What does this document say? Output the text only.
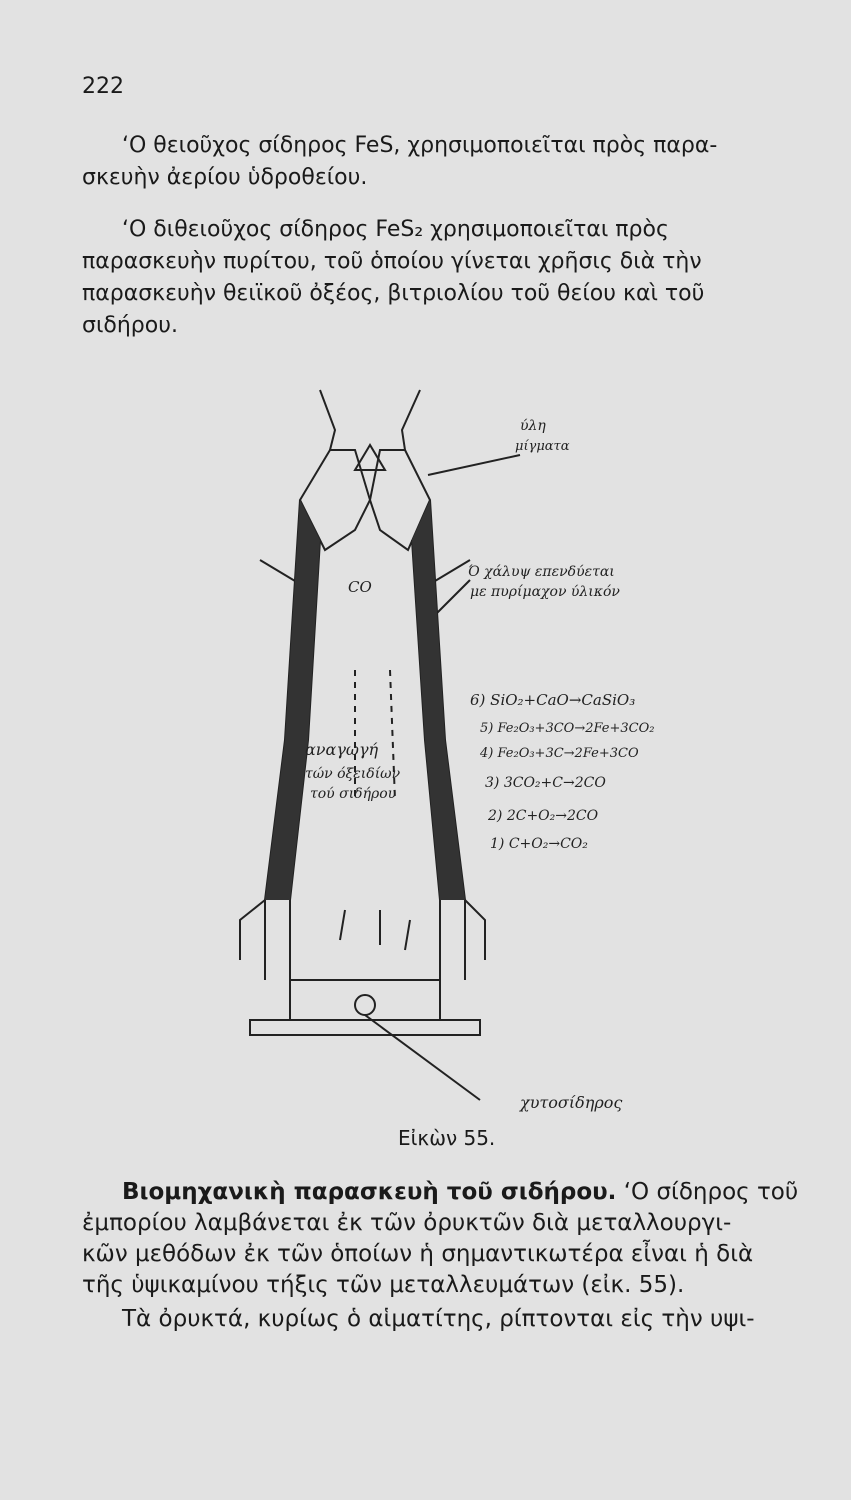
222

‘Ο θειοῦχος σίδηρος FeS, χρησιμοποιεῖται πρὸς παρα-
σκευὴν ἀερίου ὑδροθείου.

‘Ο διθειοῦχος σίδηρος FeS₂ χρησιμοποιεῖται πρὸς
παρασκευὴν πυρίτου, τοῦ ὁποίου γίνεται χρῆσις διὰ τὴν
παρασκευὴν θειϊκοῦ ὀξέος, βιτριολίου τοῦ θείου καὶ τοῦ
σιδήρου.

ύλη
μίγματα
Ό χάλυψ επενδύεται
με πυρίμαχον ύλικόν
CO
αναγωγή
τών όξειδίων
τού σιδήρου
χυτοσίδηρος
6) SiO₂+CaO→CaSiO₃
5) Fe₂O₃+3CO→2Fe+3CO₂
4) Fe₂O₃+3C→2Fe+3CO
3) 3CO₂+C→2CO
2) 2C+O₂→2CO
1) C+O₂→CO₂
Εἰκὼν 55.

Βιομηχανικὴ παρασκευὴ τοῦ σιδήρου. ‘Ο σίδηρος τοῦ
ἐμπορίου λαμβάνεται ἐκ τῶν ὀρυκτῶν διὰ μεταλλουργι-
κῶν μεθόδων ἐκ τῶν ὁποίων ἡ σημαντικωτέρα εἶναι ἡ διὰ
τῆς ὑψικαμίνου τήξις τῶν μεταλλευμάτων (εἰκ. 55).

Τὰ ὀρυκτά, κυρίως ὁ αἱματίτης, ρίπτονται εἰς τὴν υψι-
